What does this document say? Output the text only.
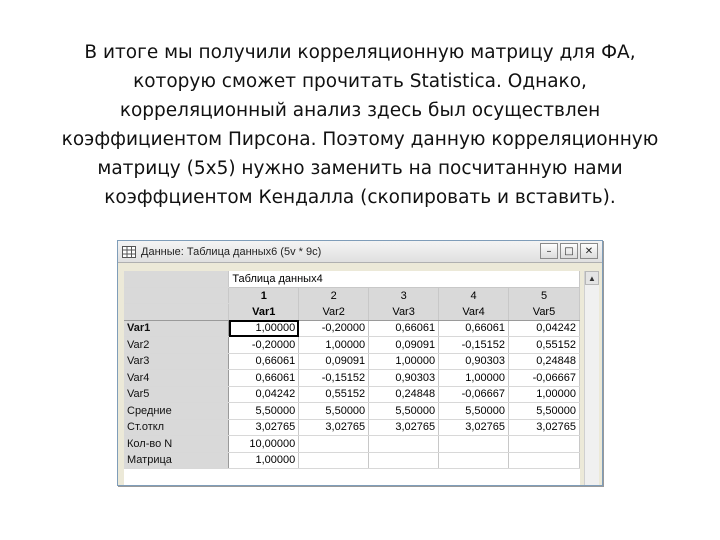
В итоге мы получили корреляционную матрицу для ФА,
которую сможет прочитать Statistica. Однако,
корреляционный анализ здесь был осуществлен
коэффициентом Пирсона. Поэтому данную корреляционную
матрицу (5х5) нужно заменить на посчитанную нами
коэффциентом Кендалла (скопировать и вставить).
Данные: Таблица данных6 (5v * 9c)	–	□	✕
	Таблица данных4				
	1	2	3	4	5
	Var1	Var2	Var3	Var4	Var5
Var1	1,00000	-0,20000	0,66061	0,66061	0,04242
Var2	-0,20000	1,00000	0,09091	-0,15152	0,55152
Var3	0,66061	0,09091	1,00000	0,90303	0,24848
Var4	0,66061	-0,15152	0,90303	1,00000	-0,06667
Var5	0,04242	0,55152	0,24848	-0,06667	1,00000
Средние	5,50000	5,50000	5,50000	5,50000	5,50000
Ст.откл	3,02765	3,02765	3,02765	3,02765	3,02765
Кол-во N	10,00000				
Матрица	1,00000				
▲
